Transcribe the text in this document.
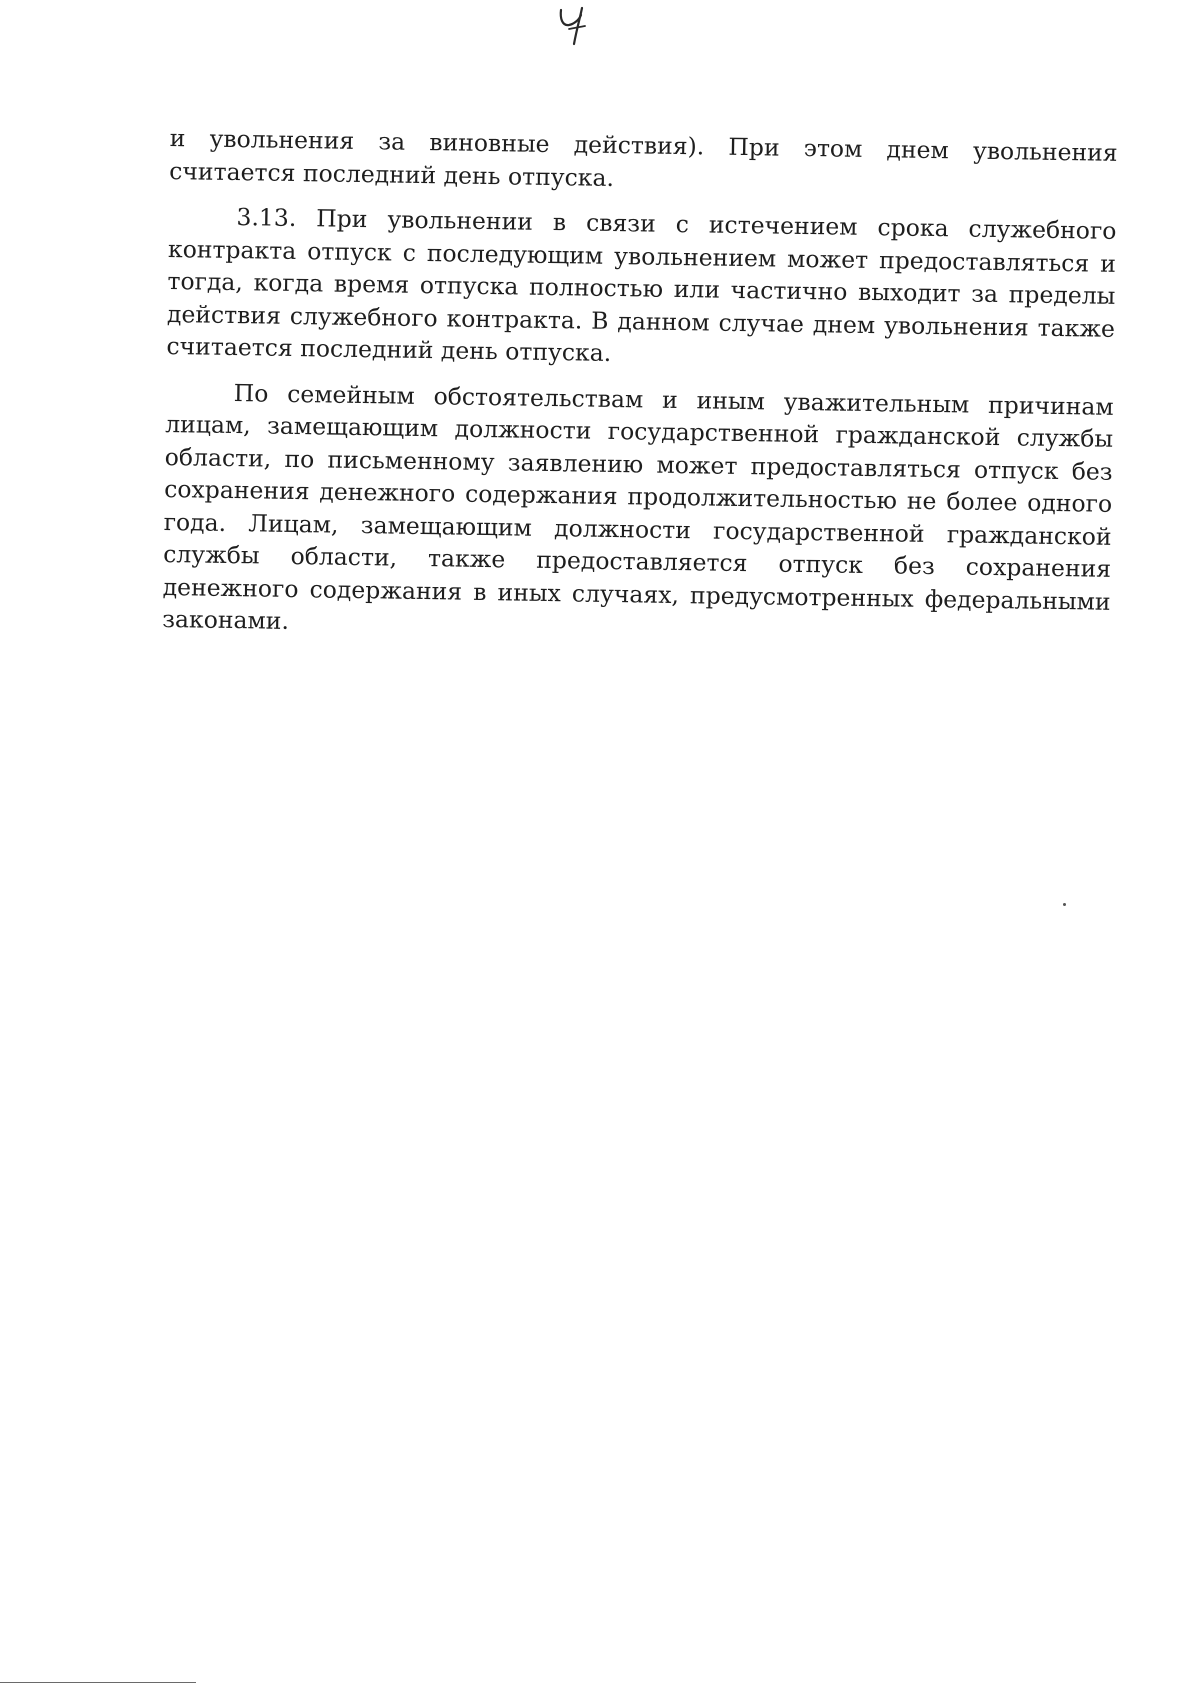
и увольнения за виновные действия). При этом днем увольнения считается последний день отпуска.

3.13. При увольнении в связи с истечением срока служебного контракта отпуск с последующим увольнением может предоставляться и тогда, когда время отпуска полностью или частично выходит за пределы действия служебного контракта. В данном случае днем увольнения также считается последний день отпуска.

По семейным обстоятельствам и иным уважительным причинам лицам, замещающим должности государственной гражданской службы области, по письменному заявлению может предоставляться отпуск без сохранения денежного содержания продолжительностью не более одного года. Лицам, замещающим должности государственной гражданской службы области, также предоставляется отпуск без сохранения денежного содержания в иных случаях, предусмотренных федеральными законами.
